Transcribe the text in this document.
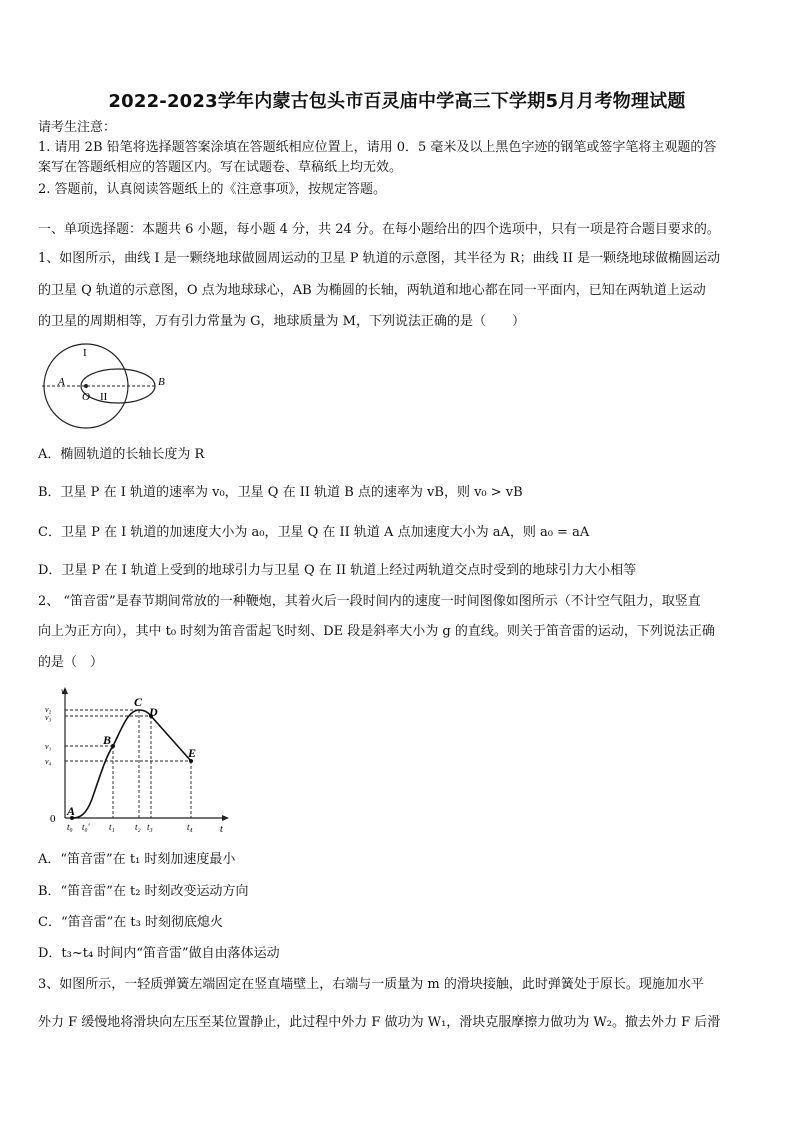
2022-2023学年内蒙古包头市百灵庙中学高三下学期5月月考物理试题
请考生注意：
1. 请用 2B 铅笔将选择题答案涂填在答题纸相应位置上，请用 0．5 毫米及以上黑色字迹的钢笔或签字笔将主观题的答
案写在答题纸相应的答题区内。写在试题卷、草稿纸上均无效。
2. 答题前，认真阅读答题纸上的《注意事项》，按规定答题。
一、单项选择题：本题共 6 小题，每小题 4 分，共 24 分。在每小题给出的四个选项中，只有一项是符合题目要求的。
1、如图所示，曲线 I 是一颗绕地球做圆周运动的卫星 P 轨道的示意图，其半径为 R；曲线 II 是一颗绕地球做椭圆运动
的卫星 Q 轨道的示意图，O 点为地球球心，AB 为椭圆的长轴，两轨道和地心都在同一平面内，已知在两轨道上运动
的卫星的周期相等，万有引力常量为 G，地球质量为 M，下列说法正确的是（　　）
I
II
A
O
B
A．椭圆轨道的长轴长度为 R
B．卫星 P 在 I 轨道的速率为 v₀，卫星 Q 在 II 轨道 B 点的速率为 vB，则 v₀ > vB
C．卫星 P 在 I 轨道的加速度大小为 a₀，卫星 Q 在 II 轨道 A 点加速度大小为 aA，则 a₀ = aA
D．卫星 P 在 I 轨道上受到的地球引力与卫星 Q 在 II 轨道上经过两轨道交点时受到的地球引力大小相等
2、 “笛音雷”是春节期间常放的一种鞭炮，其着火后一段时间内的速度一时间图像如图所示（不计空气阻力，取竖直
向上为正方向），其中 t₀ 时刻为笛音雷起飞时刻、DE 段是斜率大小为 g 的直线。则关于笛音雷的运动，下列说法正确
的是（　）
v
t
0
A
B
C
D
E
v₂
v₃
v₁
v₄
t₀ t₀' t₁ t₂ t₃	t₄
A．“笛音雷”在 t₁ 时刻加速度最小
B．“笛音雷”在 t₂ 时刻改变运动方向
C．“笛音雷”在 t₃ 时刻彻底熄火
D．t₃~t₄ 时间内“笛音雷”做自由落体运动
3、如图所示，一轻质弹簧左端固定在竖直墙壁上，右端与一质量为 m 的滑块接触，此时弹簧处于原长。现施加水平
外力 F 缓慢地将滑块向左压至某位置静止，此过程中外力 F 做功为 W₁，滑块克服摩擦力做功为 W₂。撤去外力 F 后滑
